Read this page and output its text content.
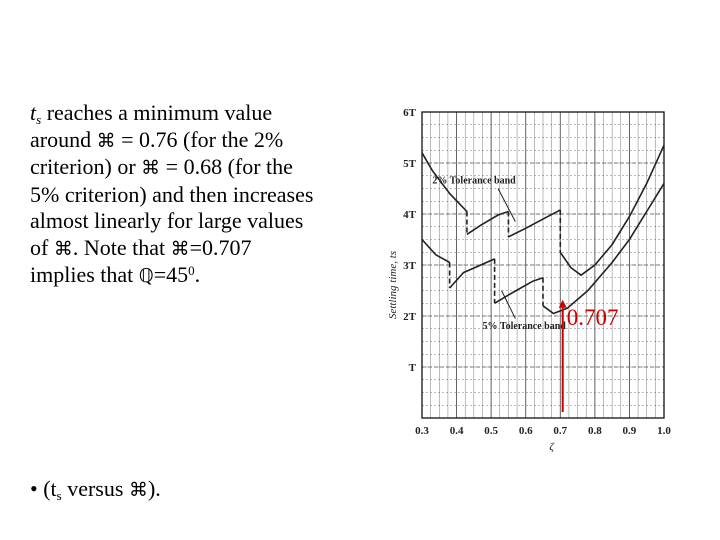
$t_s$ reaches a minimum value around ⌘ = 0.76 (for the 2% criterion) or ⌘ = 0.68 (for the 5% criterion) and then increases almost linearly for large values of ⌘. Note that ⌘=0.707 implies that $ℚ=45^0$.
• ($t_s$ versus ⌘).
0.3 0.4 0.5 0.6 0.7 0.8 0.9 1.0
T
2T
3T
4T
5T
6T
ζ
Settling time, ts
2% Tolerance band
5% Tolerance band 0.707
